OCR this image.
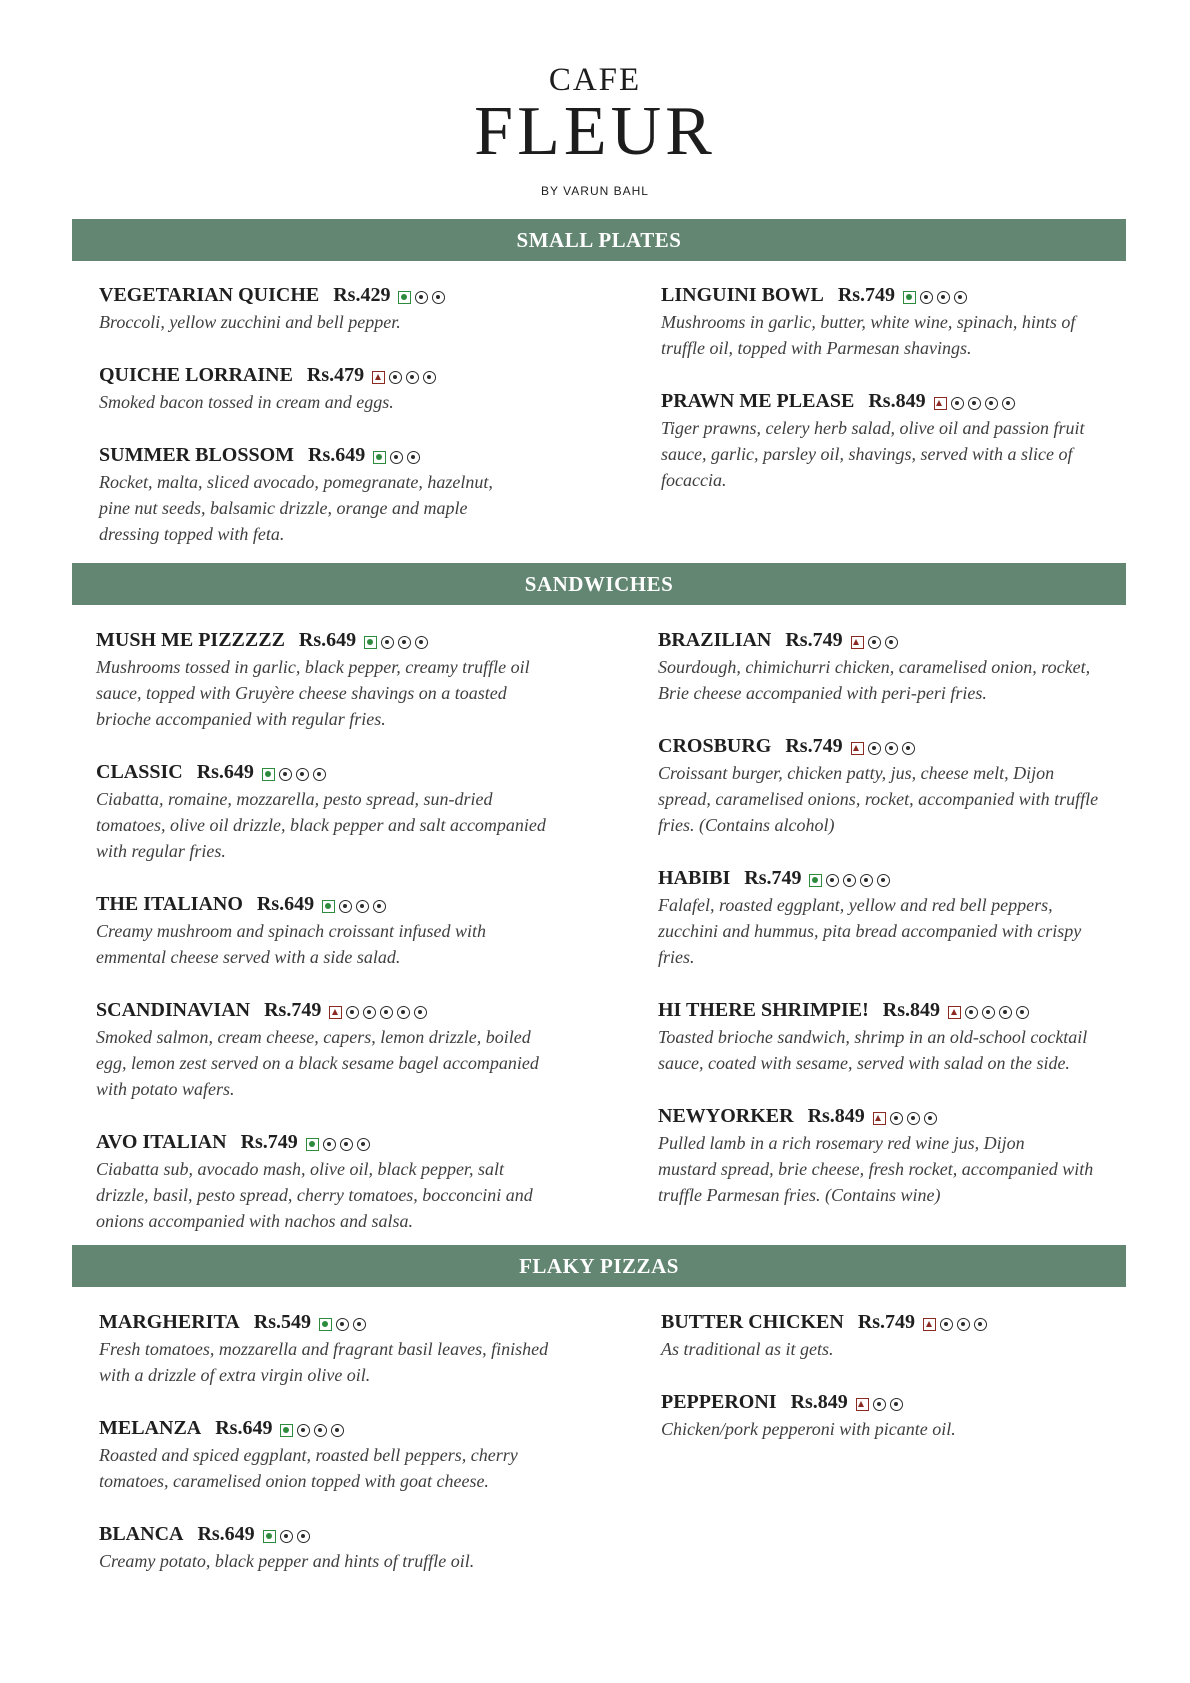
CAFE
FLEUR
BY VARUN BAHL
SMALL PLATES
VEGETARIAN QUICHE Rs.429
Broccoli, yellow zucchini and bell pepper.
QUICHE LORRAINE Rs.479
Smoked bacon tossed in cream and eggs.
SUMMER BLOSSOM Rs.649
Rocket, malta, sliced avocado, pomegranate, hazelnut,
pine nut seeds, balsamic drizzle, orange and maple
dressing topped with feta.
LINGUINI BOWL Rs.749
Mushrooms in garlic, butter, white wine, spinach, hints of
truffle oil, topped with Parmesan shavings.
PRAWN ME PLEASE Rs.849
Tiger prawns, celery herb salad, olive oil and passion fruit
sauce, garlic, parsley oil, shavings, served with a slice of
focaccia.
SANDWICHES
MUSH ME PIZZZZZ Rs.649
Mushrooms tossed in garlic, black pepper, creamy truffle oil
sauce, topped with Gruyère cheese shavings on a toasted
brioche accompanied with regular fries.
CLASSIC Rs.649
Ciabatta, romaine, mozzarella, pesto spread, sun-dried
tomatoes, olive oil drizzle, black pepper and salt accompanied
with regular fries.
THE ITALIANO Rs.649
Creamy mushroom and spinach croissant infused with
emmental cheese served with a side salad.
SCANDINAVIAN Rs.749
Smoked salmon, cream cheese, capers, lemon drizzle, boiled
egg, lemon zest served on a black sesame bagel accompanied
with potato wafers.
AVO ITALIAN Rs.749
Ciabatta sub, avocado mash, olive oil, black pepper, salt
drizzle, basil, pesto spread, cherry tomatoes, bocconcini and
onions accompanied with nachos and salsa.
BRAZILIAN Rs.749
Sourdough, chimichurri chicken, caramelised onion, rocket,
Brie cheese accompanied with peri-peri fries.
CROSBURG Rs.749
Croissant burger, chicken patty, jus, cheese melt, Dijon
spread, caramelised onions, rocket, accompanied with truffle
fries. (Contains alcohol)
HABIBI Rs.749
Falafel, roasted eggplant, yellow and red bell peppers,
zucchini and hummus, pita bread accompanied with crispy
fries.
HI THERE SHRIMPIE! Rs.849
Toasted brioche sandwich, shrimp in an old-school cocktail
sauce, coated with sesame, served with salad on the side.
NEWYORKER Rs.849
Pulled lamb in a rich rosemary red wine jus, Dijon
mustard spread, brie cheese, fresh rocket, accompanied with
truffle Parmesan fries. (Contains wine)
FLAKY PIZZAS
MARGHERITA Rs.549
Fresh tomatoes, mozzarella and fragrant basil leaves, finished
with a drizzle of extra virgin olive oil.
MELANZA Rs.649
Roasted and spiced eggplant, roasted bell peppers, cherry
tomatoes, caramelised onion topped with goat cheese.
BLANCA Rs.649
Creamy potato, black pepper and hints of truffle oil.
BUTTER CHICKEN Rs.749
As traditional as it gets.
PEPPERONI Rs.849
Chicken/pork pepperoni with picante oil.
